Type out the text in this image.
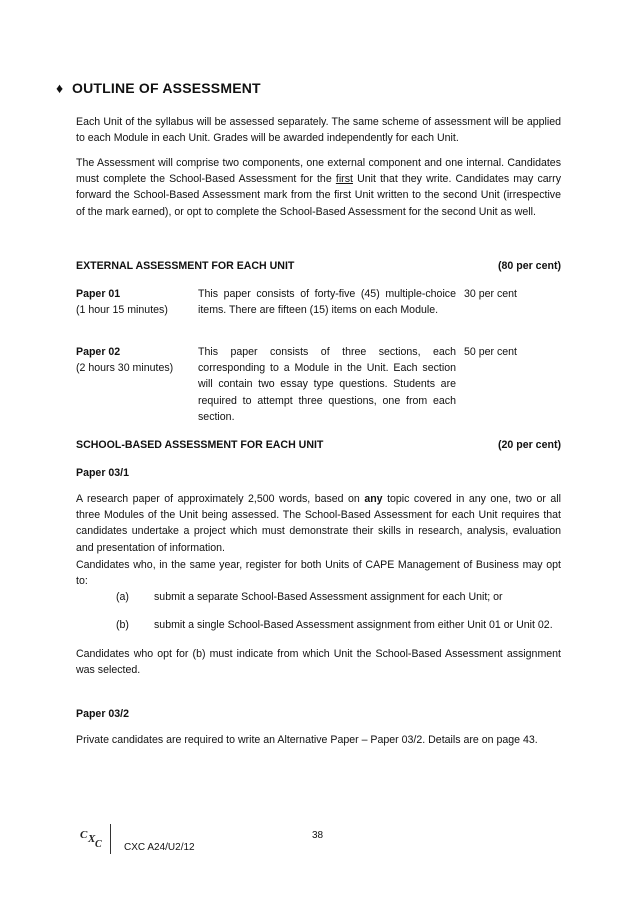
♦ OUTLINE OF ASSESSMENT
Each Unit of the syllabus will be assessed separately. The same scheme of assessment will be applied to each Module in each Unit. Grades will be awarded independently for each Unit.
The Assessment will comprise two components, one external component and one internal. Candidates must complete the School-Based Assessment for the first Unit that they write. Candidates may carry forward the School-Based Assessment mark from the first Unit written to the second Unit (irrespective of the mark earned), or opt to complete the School-Based Assessment for the second Unit as well.
EXTERNAL ASSESSMENT FOR EACH UNIT	(80 per cent)
Paper 01
(1 hour 15 minutes)
This paper consists of forty-five (45) multiple-choice items. There are fifteen (15) items on each Module.
30 per cent
Paper 02
(2 hours 30 minutes)
This paper consists of three sections, each corresponding to a Module in the Unit. Each section will contain two essay type questions. Students are required to attempt three questions, one from each section.
50 per cent
SCHOOL-BASED ASSESSMENT FOR EACH UNIT	(20 per cent)
Paper 03/1
A research paper of approximately 2,500 words, based on any topic covered in any one, two or all three Modules of the Unit being assessed. The School-Based Assessment for each Unit requires that candidates undertake a project which must demonstrate their skills in research, analysis, evaluation and presentation of information.
Candidates who, in the same year, register for both Units of CAPE Management of Business may opt to:
(a) submit a separate School-Based Assessment assignment for each Unit; or
(b) submit a single School-Based Assessment assignment from either Unit 01 or Unit 02.
Candidates who opt for (b) must indicate from which Unit the School-Based Assessment assignment was selected.
Paper 03/2
Private candidates are required to write an Alternative Paper – Paper 03/2. Details are on page 43.
38
C X C CXC A24/U2/12
